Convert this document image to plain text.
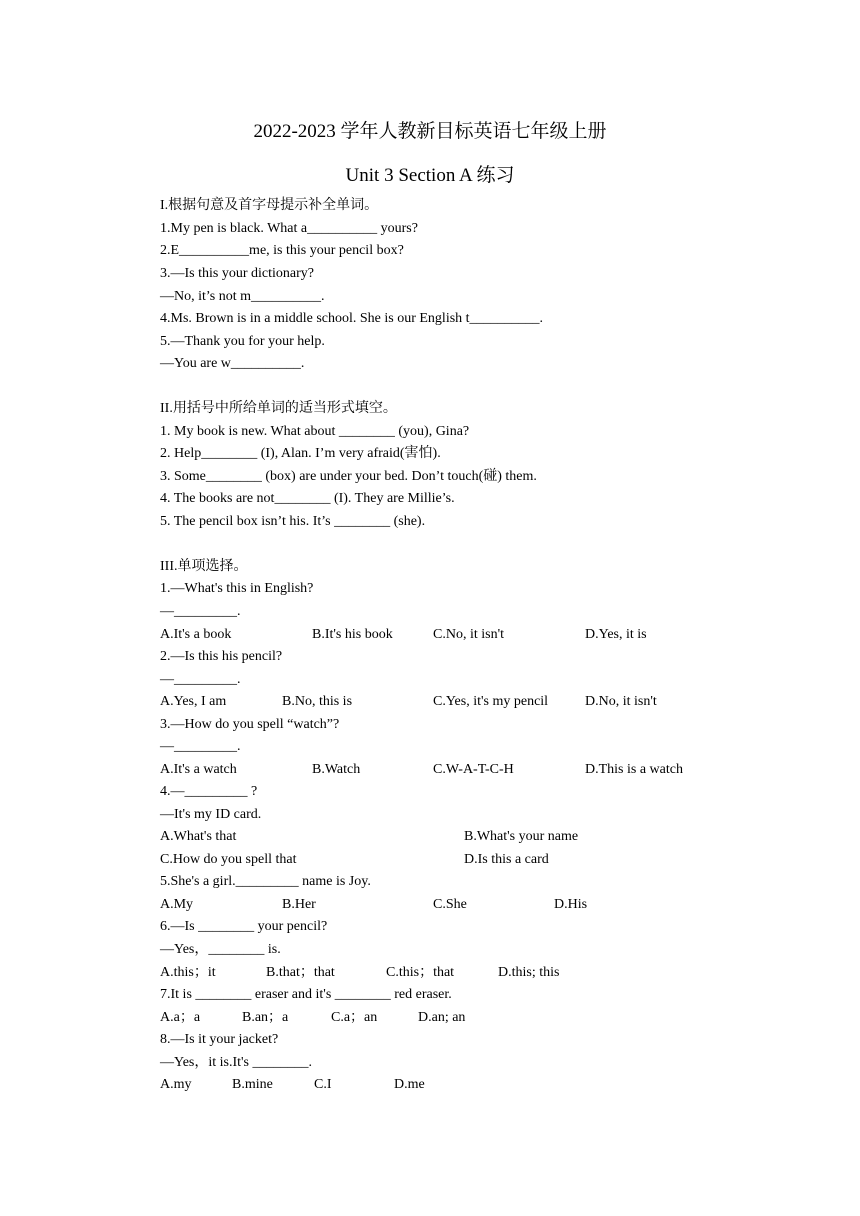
2022-2023 学年人教新目标英语七年级上册
Unit 3 Section A 练习
I.根据句意及首字母提示补全单词。
1.My pen is black. What a__________ yours?
2.E__________me, is this your pencil box?
3.—Is this your dictionary?
—No, it’s not m__________.
4.Ms. Brown is in a middle school. She is our English t__________.
5.—Thank you for your help.
—You are w__________.
II.用括号中所给单词的适当形式填空。
1. My book is new. What about ________ (you), Gina?
2. Help________ (I), Alan. I’m very afraid(害怕).
3. Some________ (box) are under your bed. Don’t touch(碰) them.
4. The books are not________ (I). They are Millie’s.
5. The pencil box isn’t his. It’s ________ (she).
III.单项选择。
1.—What's this in English?
—_________.
A.It's a book	B.It's his book	C.No, it isn't	D.Yes, it is
2.—Is this his pencil?
—_________.
A.Yes, I am	B.No, this is	C.Yes, it's my pencil	D.No, it isn't
3.—How do you spell “watch”?
—_________.
A.It's a watch	B.Watch	C.W-A-T-C-H	D.This is a watch
4.—_________ ?
—It's my ID card.
A.What's that	B.What's your name
C.How do you spell that	D.Is this a card
5.She's a girl._________ name is Joy.
A.My	B.Her	C.She	D.His
6.—Is ________ your pencil?
—Yes，________ is.
A.this；it	B.that；that	C.this；that	D.this; this
7.It is ________ eraser and it's ________ red eraser.
A.a；a	B.an；a	C.a；an	D.an; an
8.—Is it your jacket?
—Yes，it is.It's ________.
A.my	B.mine	C.I	D.me
